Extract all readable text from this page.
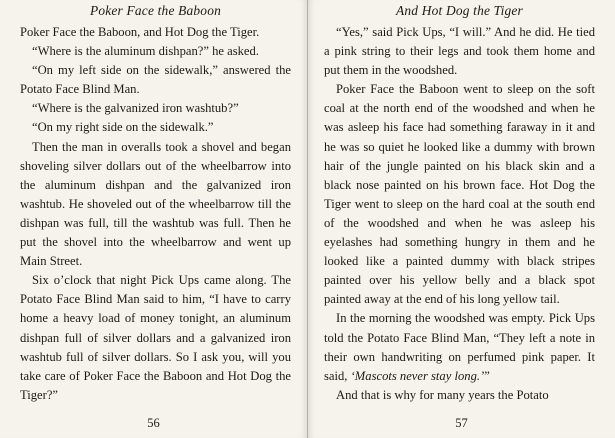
Poker Face the Baboon

Poker Face the Baboon, and Hot Dog the Tiger.

“Where is the aluminum dishpan?” he asked.

“On my left side on the sidewalk,” answered the Potato Face Blind Man.

“Where is the galvanized iron washtub?”

“On my right side on the sidewalk.”

Then the man in overalls took a shovel and began shoveling silver dollars out of the wheelbarrow into the aluminum dishpan and the galvanized iron washtub. He shoveled out of the wheelbarrow till the dishpan was full, till the washtub was full. Then he put the shovel into the wheelbarrow and went up Main Street.

Six o’clock that night Pick Ups came along. The Potato Face Blind Man said to him, “I have to carry home a heavy load of money tonight, an aluminum dishpan full of silver dollars and a galvanized iron washtub full of silver dollars. So I ask you, will you take care of Poker Face the Baboon and Hot Dog the Tiger?”

56
And Hot Dog the Tiger

“Yes,” said Pick Ups, “I will.” And he did. He tied a pink string to their legs and took them home and put them in the woodshed.

Poker Face the Baboon went to sleep on the soft coal at the north end of the woodshed and when he was asleep his face had something faraway in it and he was so quiet he looked like a dummy with brown hair of the jungle painted on his black skin and a black nose painted on his brown face. Hot Dog the Tiger went to sleep on the hard coal at the south end of the woodshed and when he was asleep his eyelashes had something hungry in them and he looked like a painted dummy with black stripes painted over his yellow belly and a black spot painted away at the end of his long yellow tail.

In the morning the woodshed was empty. Pick Ups told the Potato Face Blind Man, “They left a note in their own handwriting on perfumed pink paper. It said, ‘Mascots never stay long.’”

And that is why for many years the Potato

57
